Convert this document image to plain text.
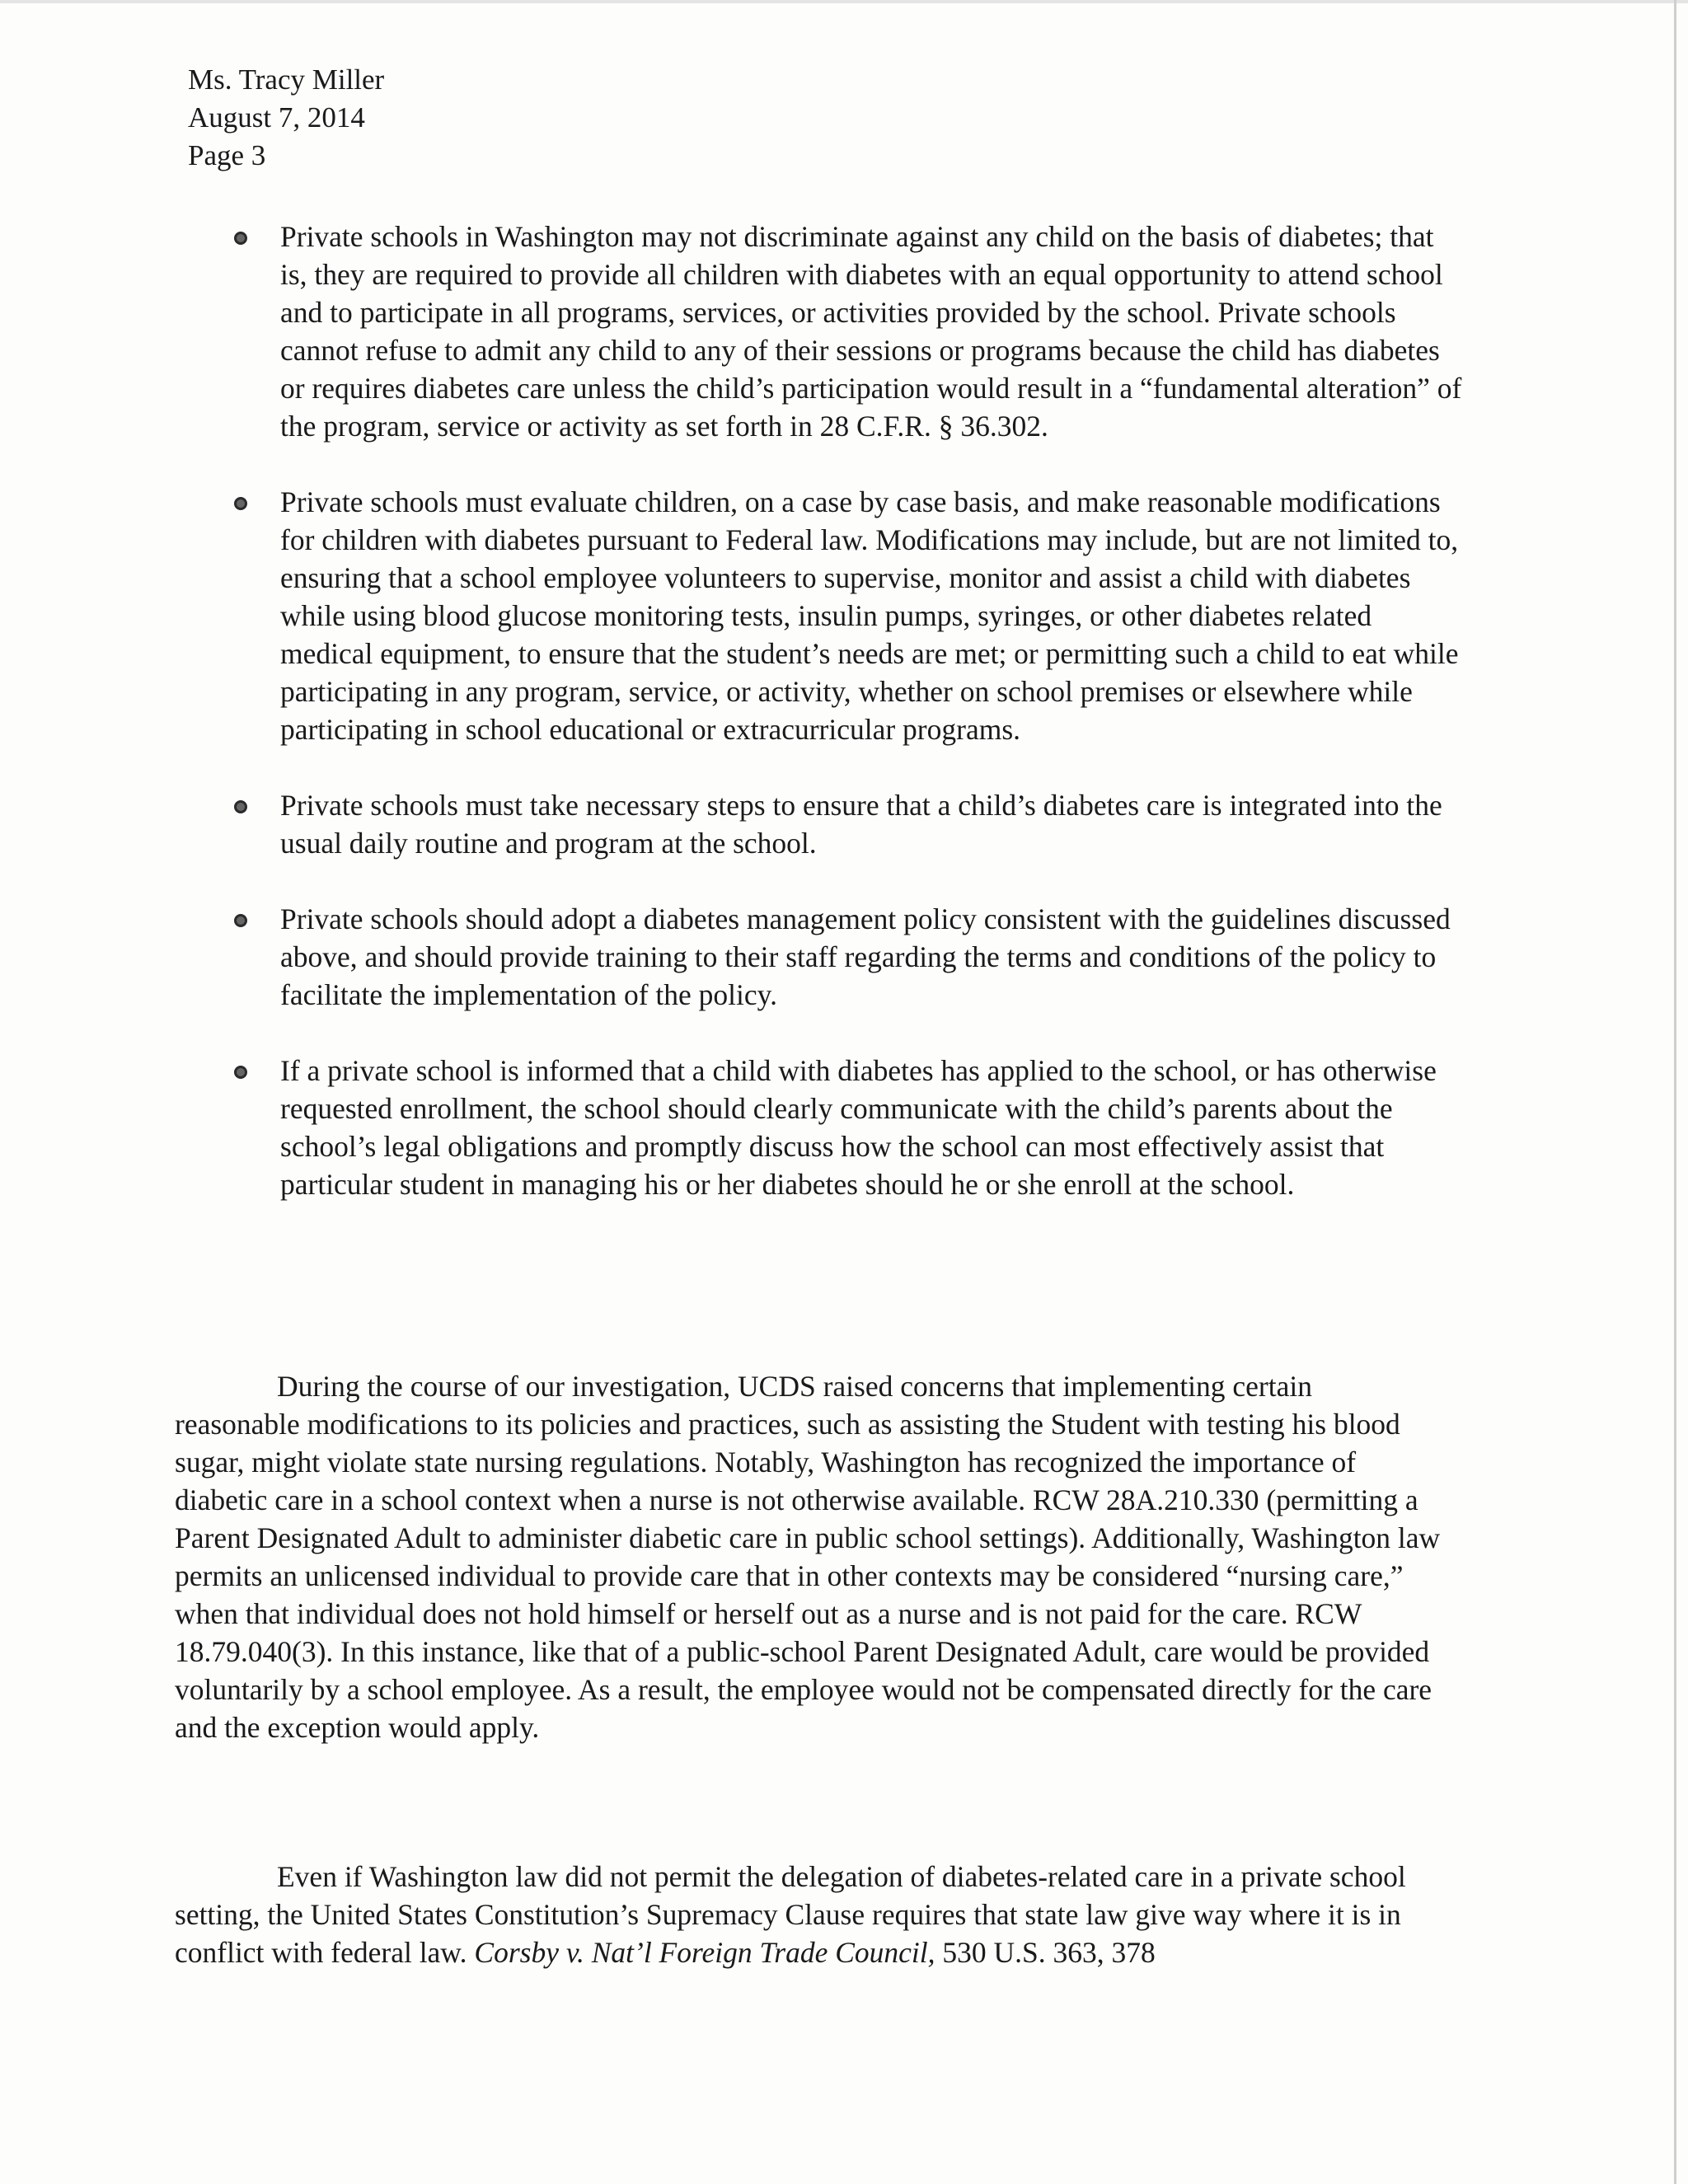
Ms. Tracy Miller
August 7, 2014
Page 3
Private schools in Washington may not discriminate against any child on the basis of diabetes; that is, they are required to provide all children with diabetes with an equal opportunity to attend school and to participate in all programs, services, or activities provided by the school. Private schools cannot refuse to admit any child to any of their sessions or programs because the child has diabetes or requires diabetes care unless the child’s participation would result in a “fundamental alteration” of the program, service or activity as set forth in 28 C.F.R. § 36.302.
Private schools must evaluate children, on a case by case basis, and make reasonable modifications for children with diabetes pursuant to Federal law. Modifications may include, but are not limited to, ensuring that a school employee volunteers to supervise, monitor and assist a child with diabetes while using blood glucose monitoring tests, insulin pumps, syringes, or other diabetes related medical equipment, to ensure that the student’s needs are met; or permitting such a child to eat while participating in any program, service, or activity, whether on school premises or elsewhere while participating in school educational or extracurricular programs.
Private schools must take necessary steps to ensure that a child’s diabetes care is integrated into the usual daily routine and program at the school.
Private schools should adopt a diabetes management policy consistent with the guidelines discussed above, and should provide training to their staff regarding the terms and conditions of the policy to facilitate the implementation of the policy.
If a private school is informed that a child with diabetes has applied to the school, or has otherwise requested enrollment, the school should clearly communicate with the child’s parents about the school’s legal obligations and promptly discuss how the school can most effectively assist that particular student in managing his or her diabetes should he or she enroll at the school.
During the course of our investigation, UCDS raised concerns that implementing certain reasonable modifications to its policies and practices, such as assisting the Student with testing his blood sugar, might violate state nursing regulations. Notably, Washington has recognized the importance of diabetic care in a school context when a nurse is not otherwise available. RCW 28A.210.330 (permitting a Parent Designated Adult to administer diabetic care in public school settings). Additionally, Washington law permits an unlicensed individual to provide care that in other contexts may be considered “nursing care,” when that individual does not hold himself or herself out as a nurse and is not paid for the care. RCW 18.79.040(3). In this instance, like that of a public-school Parent Designated Adult, care would be provided voluntarily by a school employee. As a result, the employee would not be compensated directly for the care and the exception would apply.
Even if Washington law did not permit the delegation of diabetes-related care in a private school setting, the United States Constitution’s Supremacy Clause requires that state law give way where it is in conflict with federal law. Corsby v. Nat’l Foreign Trade Council, 530 U.S. 363, 378
